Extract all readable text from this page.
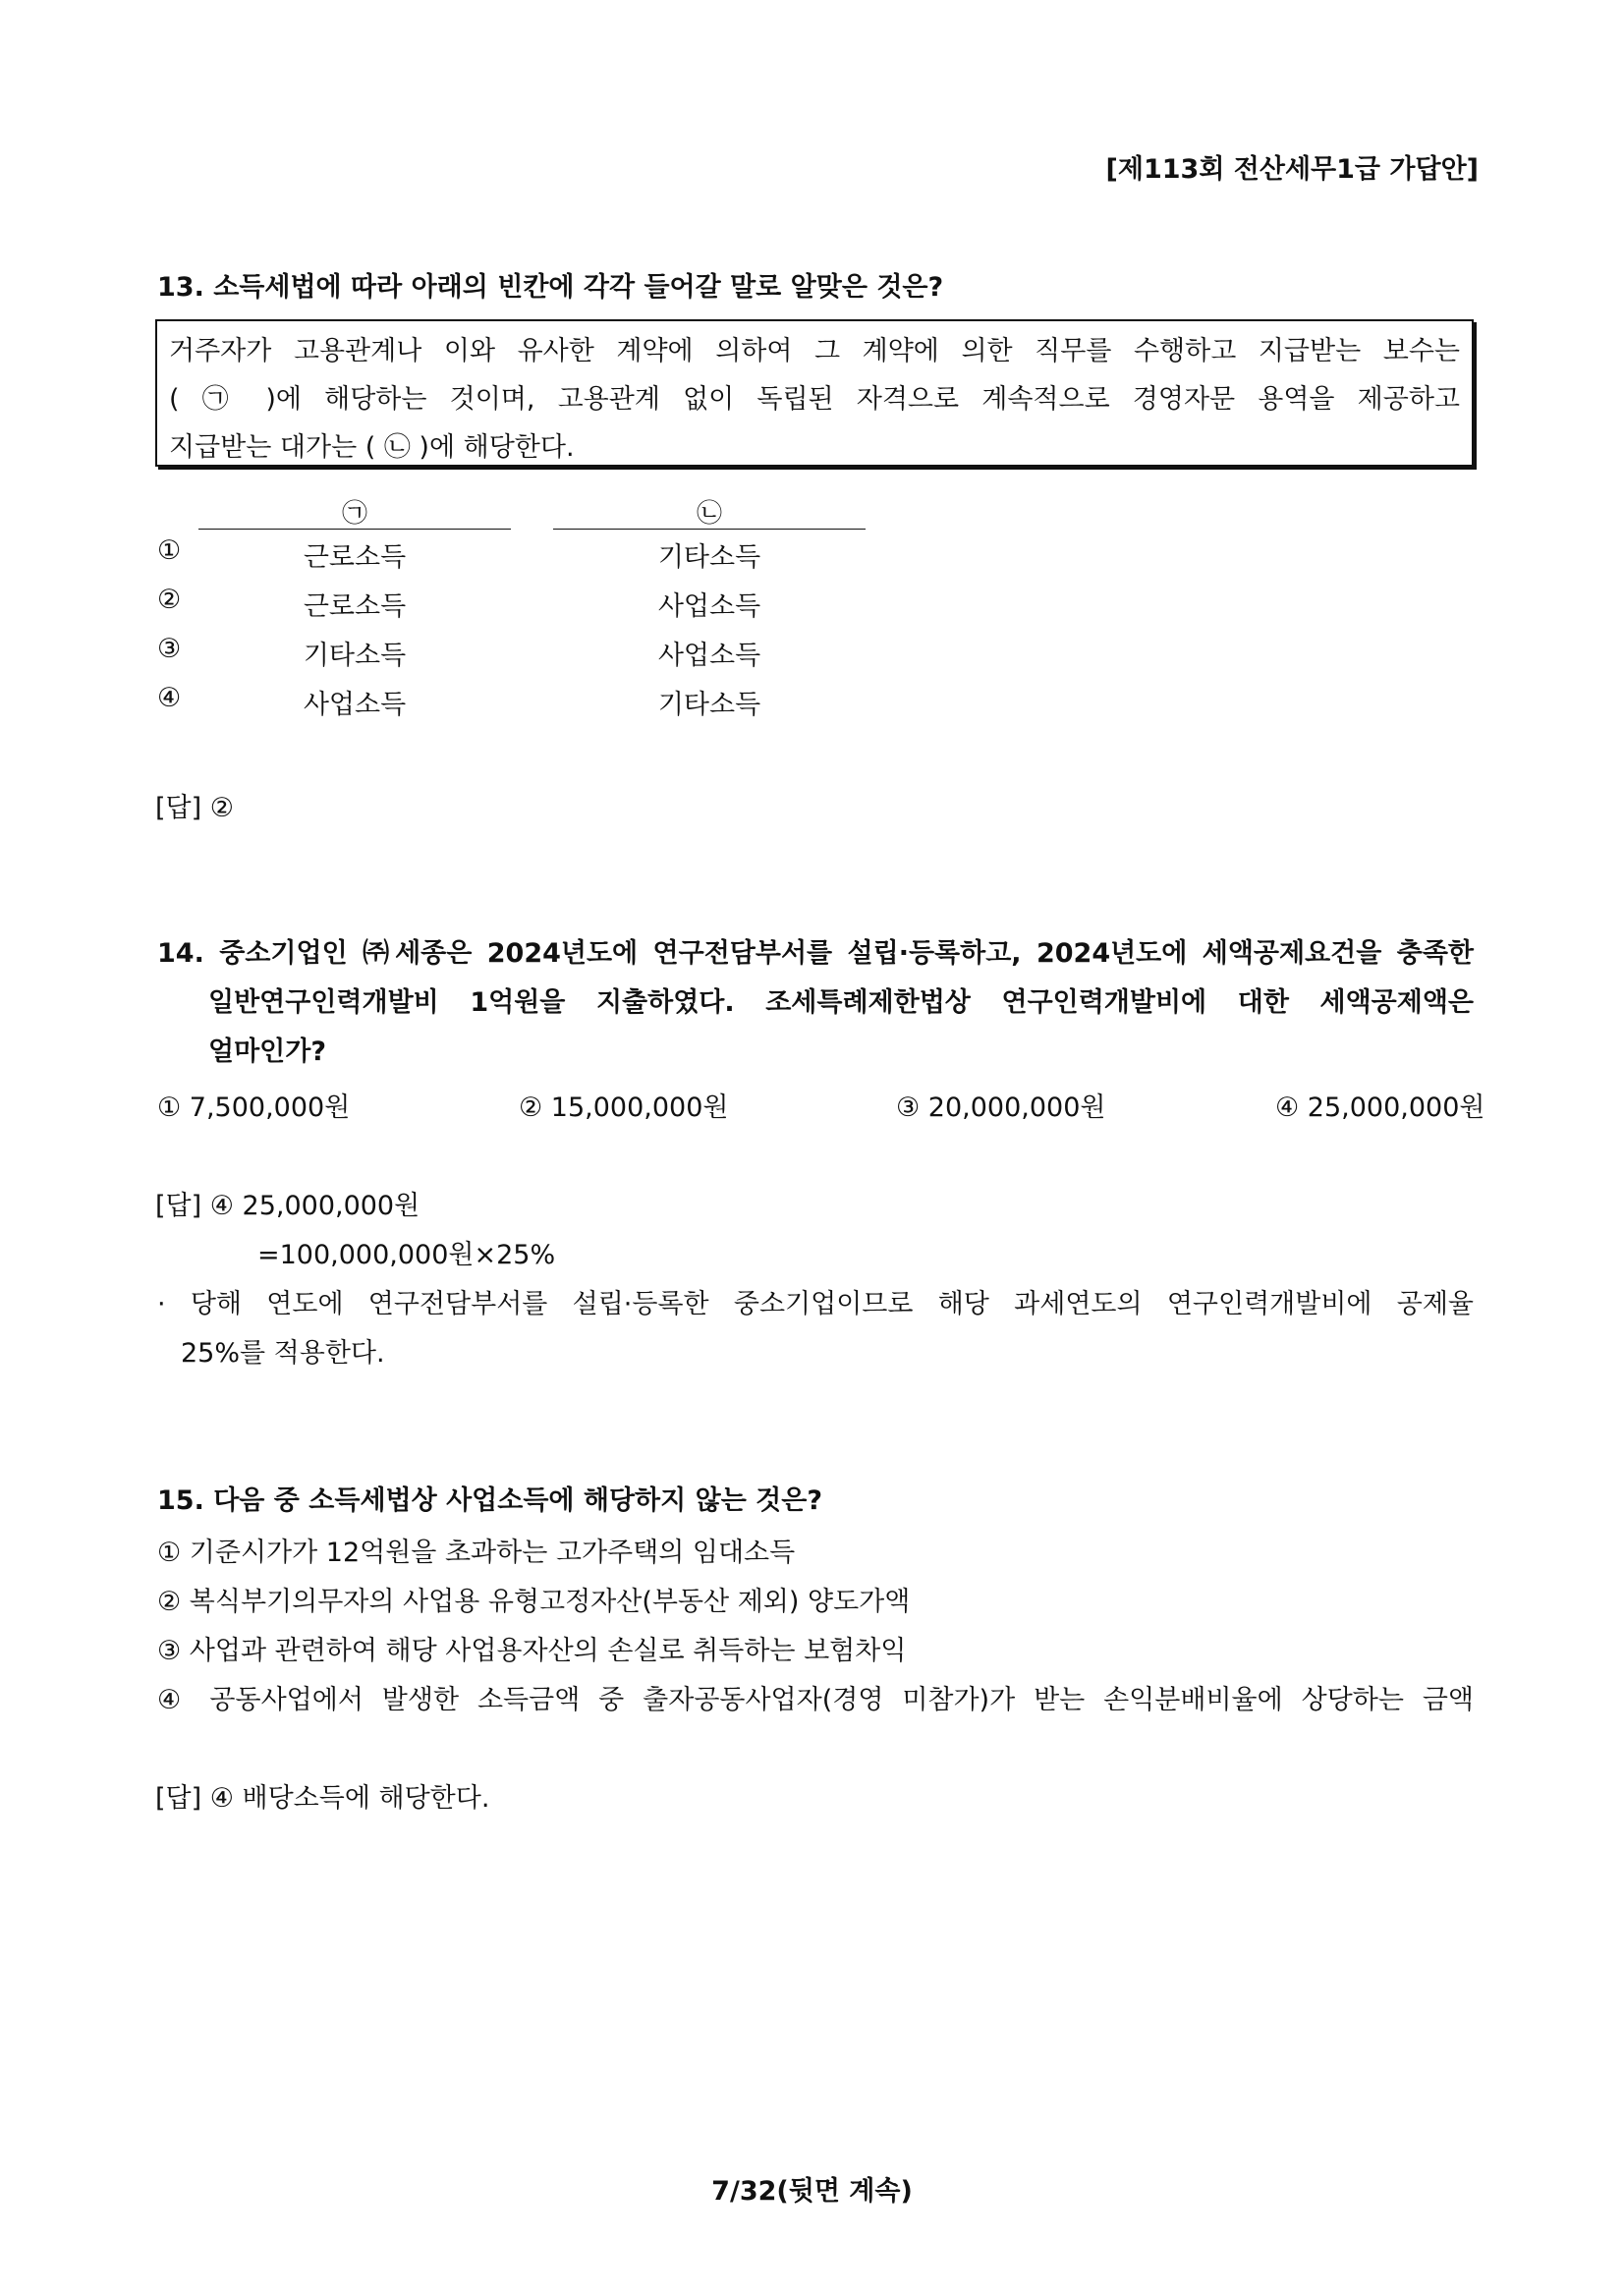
[제113회 전산세무1급 가답안]
13. 소득세법에 따라 아래의 빈칸에 각각 들어갈 말로 알맞은 것은?
거주자가 고용관계나 이와 유사한 계약에 의하여 그 계약에 의한 직무를 수행하고 지급받는 보수는
( ㉠ )에 해당하는 것이며, 고용관계 없이 독립된 자격으로 계속적으로 경영자문 용역을 제공하고
지급받는 대가는 ( ㉡ )에 해당한다.
㉠	㉡
①	근로소득	기타소득
②	근로소득	사업소득
③	기타소득	사업소득
④	사업소득	기타소득
[답] ②
14. 중소기업인 ㈜세종은 2024년도에 연구전담부서를 설립·등록하고, 2024년도에 세액공제요건을 충족한
일반연구인력개발비 1억원을 지출하였다. 조세특례제한법상 연구인력개발비에 대한 세액공제액은
얼마인가?
① 7,500,000원	② 15,000,000원	③ 20,000,000원	④ 25,000,000원
[답] ④ 25,000,000원
=100,000,000원×25%
· 당해 연도에 연구전담부서를 설립·등록한 중소기업이므로 해당 과세연도의 연구인력개발비에 공제율
25%를 적용한다.
15. 다음 중 소득세법상 사업소득에 해당하지 않는 것은?
① 기준시가가 12억원을 초과하는 고가주택의 임대소득
② 복식부기의무자의 사업용 유형고정자산(부동산 제외) 양도가액
③ 사업과 관련하여 해당 사업용자산의 손실로 취득하는 보험차익
④ 공동사업에서 발생한 소득금액 중 출자공동사업자(경영 미참가)가 받는 손익분배비율에 상당하는 금액
[답] ④ 배당소득에 해당한다.
7/32(뒷면 계속)
